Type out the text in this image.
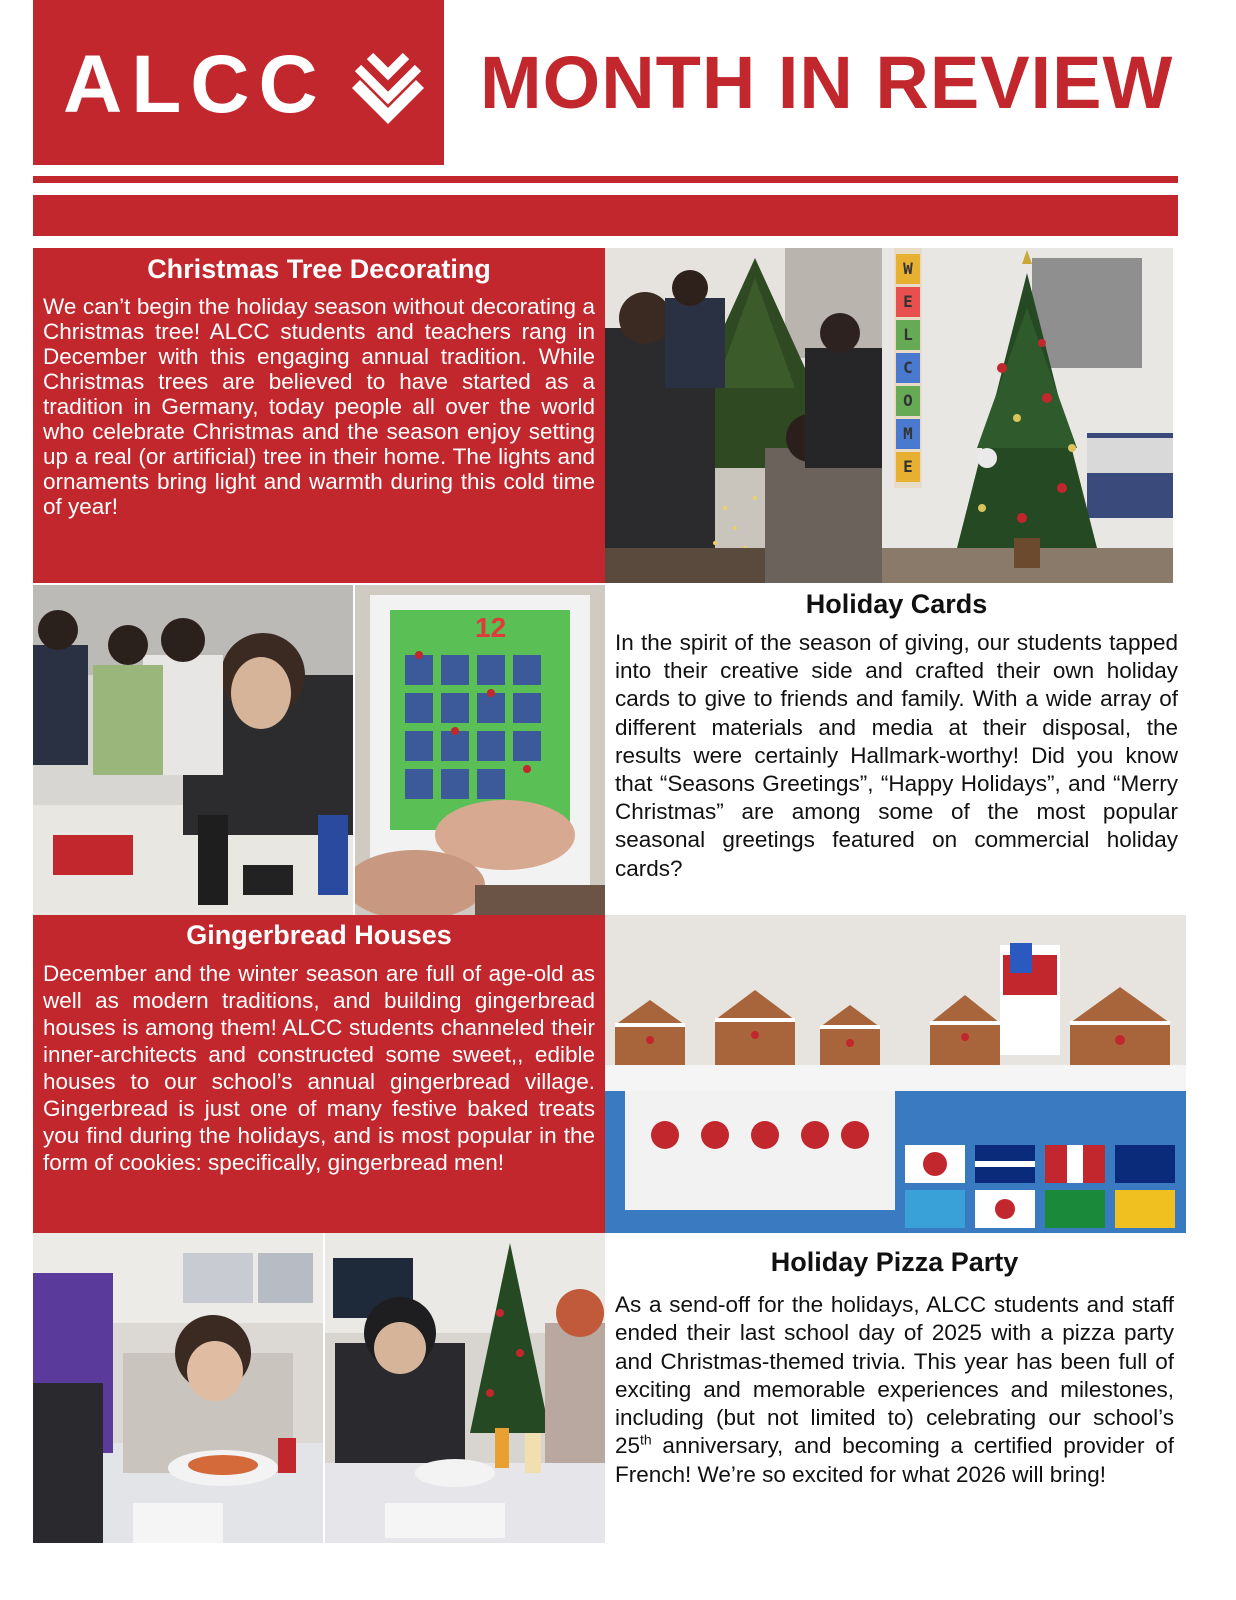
ALCC MONTH IN REVIEW

Christmas Tree Decorating

We can’t begin the holiday season without decorating a Christmas tree! ALCC students and teachers rang in December with this engaging annual tradition. While Christmas trees are believed to have started as a tradition in Germany, today people all over the world who celebrate Christmas and the season enjoy setting up a real (or artificial) tree in their home. The lights and ornaments bring light and warmth during this cold time of year!

W
E
L
C
O
M
E
12

Holiday Cards

In the spirit of the season of giving, our students tapped into their creative side and crafted their own holiday cards to give to friends and family. With a wide array of different materials and media at their disposal, the results were certainly Hallmark-worthy! Did you know that “Seasons Greetings”, “Happy Holidays”, and “Merry Christmas” are among some of the most popular seasonal greetings featured on commercial holiday cards?

Gingerbread Houses

December and the winter season are full of age-old as well as modern traditions, and building gingerbread houses is among them! ALCC students channeled their inner-architects and constructed some sweet,, edible houses to our school’s annual gingerbread village. Gingerbread is just one of many festive baked treats you find during the holidays, and is most popular in the form of cookies: specifically, gingerbread men!

Holiday Pizza Party

As a send-off for the holidays, ALCC students and staff ended their last school day of 2025 with a pizza party and Christmas-themed trivia. This year has been full of exciting and memorable experiences and milestones, including (but not limited to) celebrating our school’s 25th anniversary, and becoming a certified provider of French! We’re so excited for what 2026 will bring!
